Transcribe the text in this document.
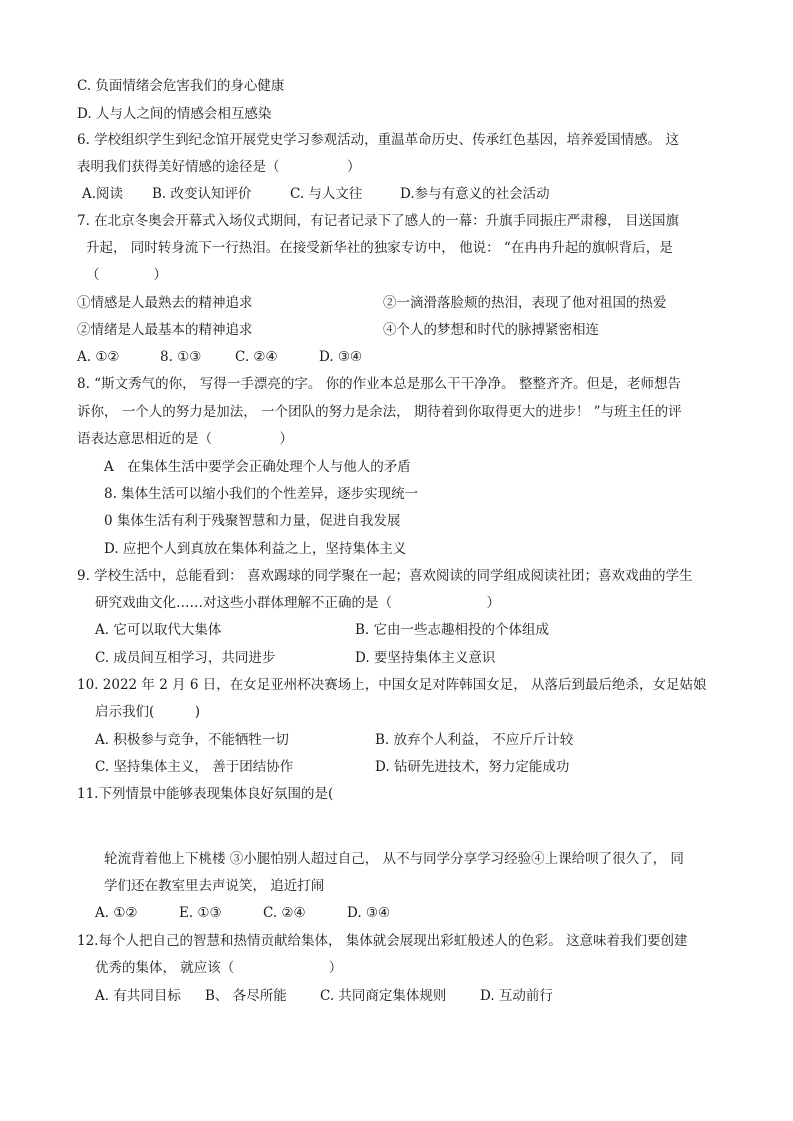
C. 负面情绪会危害我们的身心健康
D. 人与人之间的情感会相互感染
6. 学校组织学生到纪念馆开展党史学习参观活动，重温革命历史、传承红色基因，培养爱国情感。 这
表明我们获得美好情感的途径是（　　　　　）
A.阅读 B. 改变认知评价	C. 与人文往	D.参与有意义的社会活动
7. 在北京冬奥会开幕式入场仪式期间，有记者记录下了感人的一幕：升旗手同振庄严肃穆， 目送国旗
升起， 同时转身流下一行热泪。在接受新华社的独家专访中， 他说： “在冉冉升起的旗帜背后，是
（　　　　）
①情感是人最熟去的精神追求	②一滴滑落脸颊的热泪，表现了他对祖国的热爱
②情绪是人最基本的精神追求	④个人的梦想和时代的脉搏紧密相连
A. ①②	8. ①③ C. ②④	D. ③④
8. “斯文秀气的你， 写得一手漂亮的字。 你的作业本总是那么干干净净。 整整齐齐。但是，老师想告
诉你， 一个人的努力是加法， 一个团队的努力是余法， 期待着到你取得更大的进步！ ”与班主任的评
语表达意思相近的是（　　　　　）
A　在集体生活中要学会正确处理个人与他人的矛盾
8. 集体生活可以缩小我们的个性差异，逐步实现统一
0 集体生活有利于残聚智慧和力量，促进自我发展
D. 应把个人到真放在集体利益之上，坚持集体主义
9. 学校生活中，总能看到： 喜欢踢球的同学聚在一起；喜欢阅读的同学组成阅读社团；喜欢戏曲的学生
研究戏曲文化……对这些小群体理解不正确的是（　　　　　　　）
A. 它可以取代大集体	B. 它由一些志趣相投的个体组成
C. 成员间互相学习，共同进步	D. 要坚持集体主义意识
10. 2022 年 2 月 6 日，在女足亚州杯决赛场上，中国女足对阵韩国女足， 从落后到最后绝杀，女足姑娘
启示我们(　　　)
A. 积极参与竞争，不能牺牲一切	B. 放弃个人利益， 不应斤斤计较
C. 坚持集体主义， 善于团结协作	D. 钻研先进技术，努力定能成功
11.下列情景中能够表现集体良好氛围的是(
轮流背着他上下桃楼 ③小腿怕别人超过自己， 从不与同学分享学习经验④上课给呗了很久了， 同
学们还在教室里去声说笑， 追近打闹
A. ①②	E. ①③	C. ②④	D. ③④
12.每个人把自己的智慧和热情贡献给集体， 集体就会展现出彩虹般述人的色彩。 这意味着我们要创建
优秀的集体， 就应该（　　　　　　　）
A. 有共同目标 B、 各尽所能 C. 共同商定集体规则 D. 互动前行
